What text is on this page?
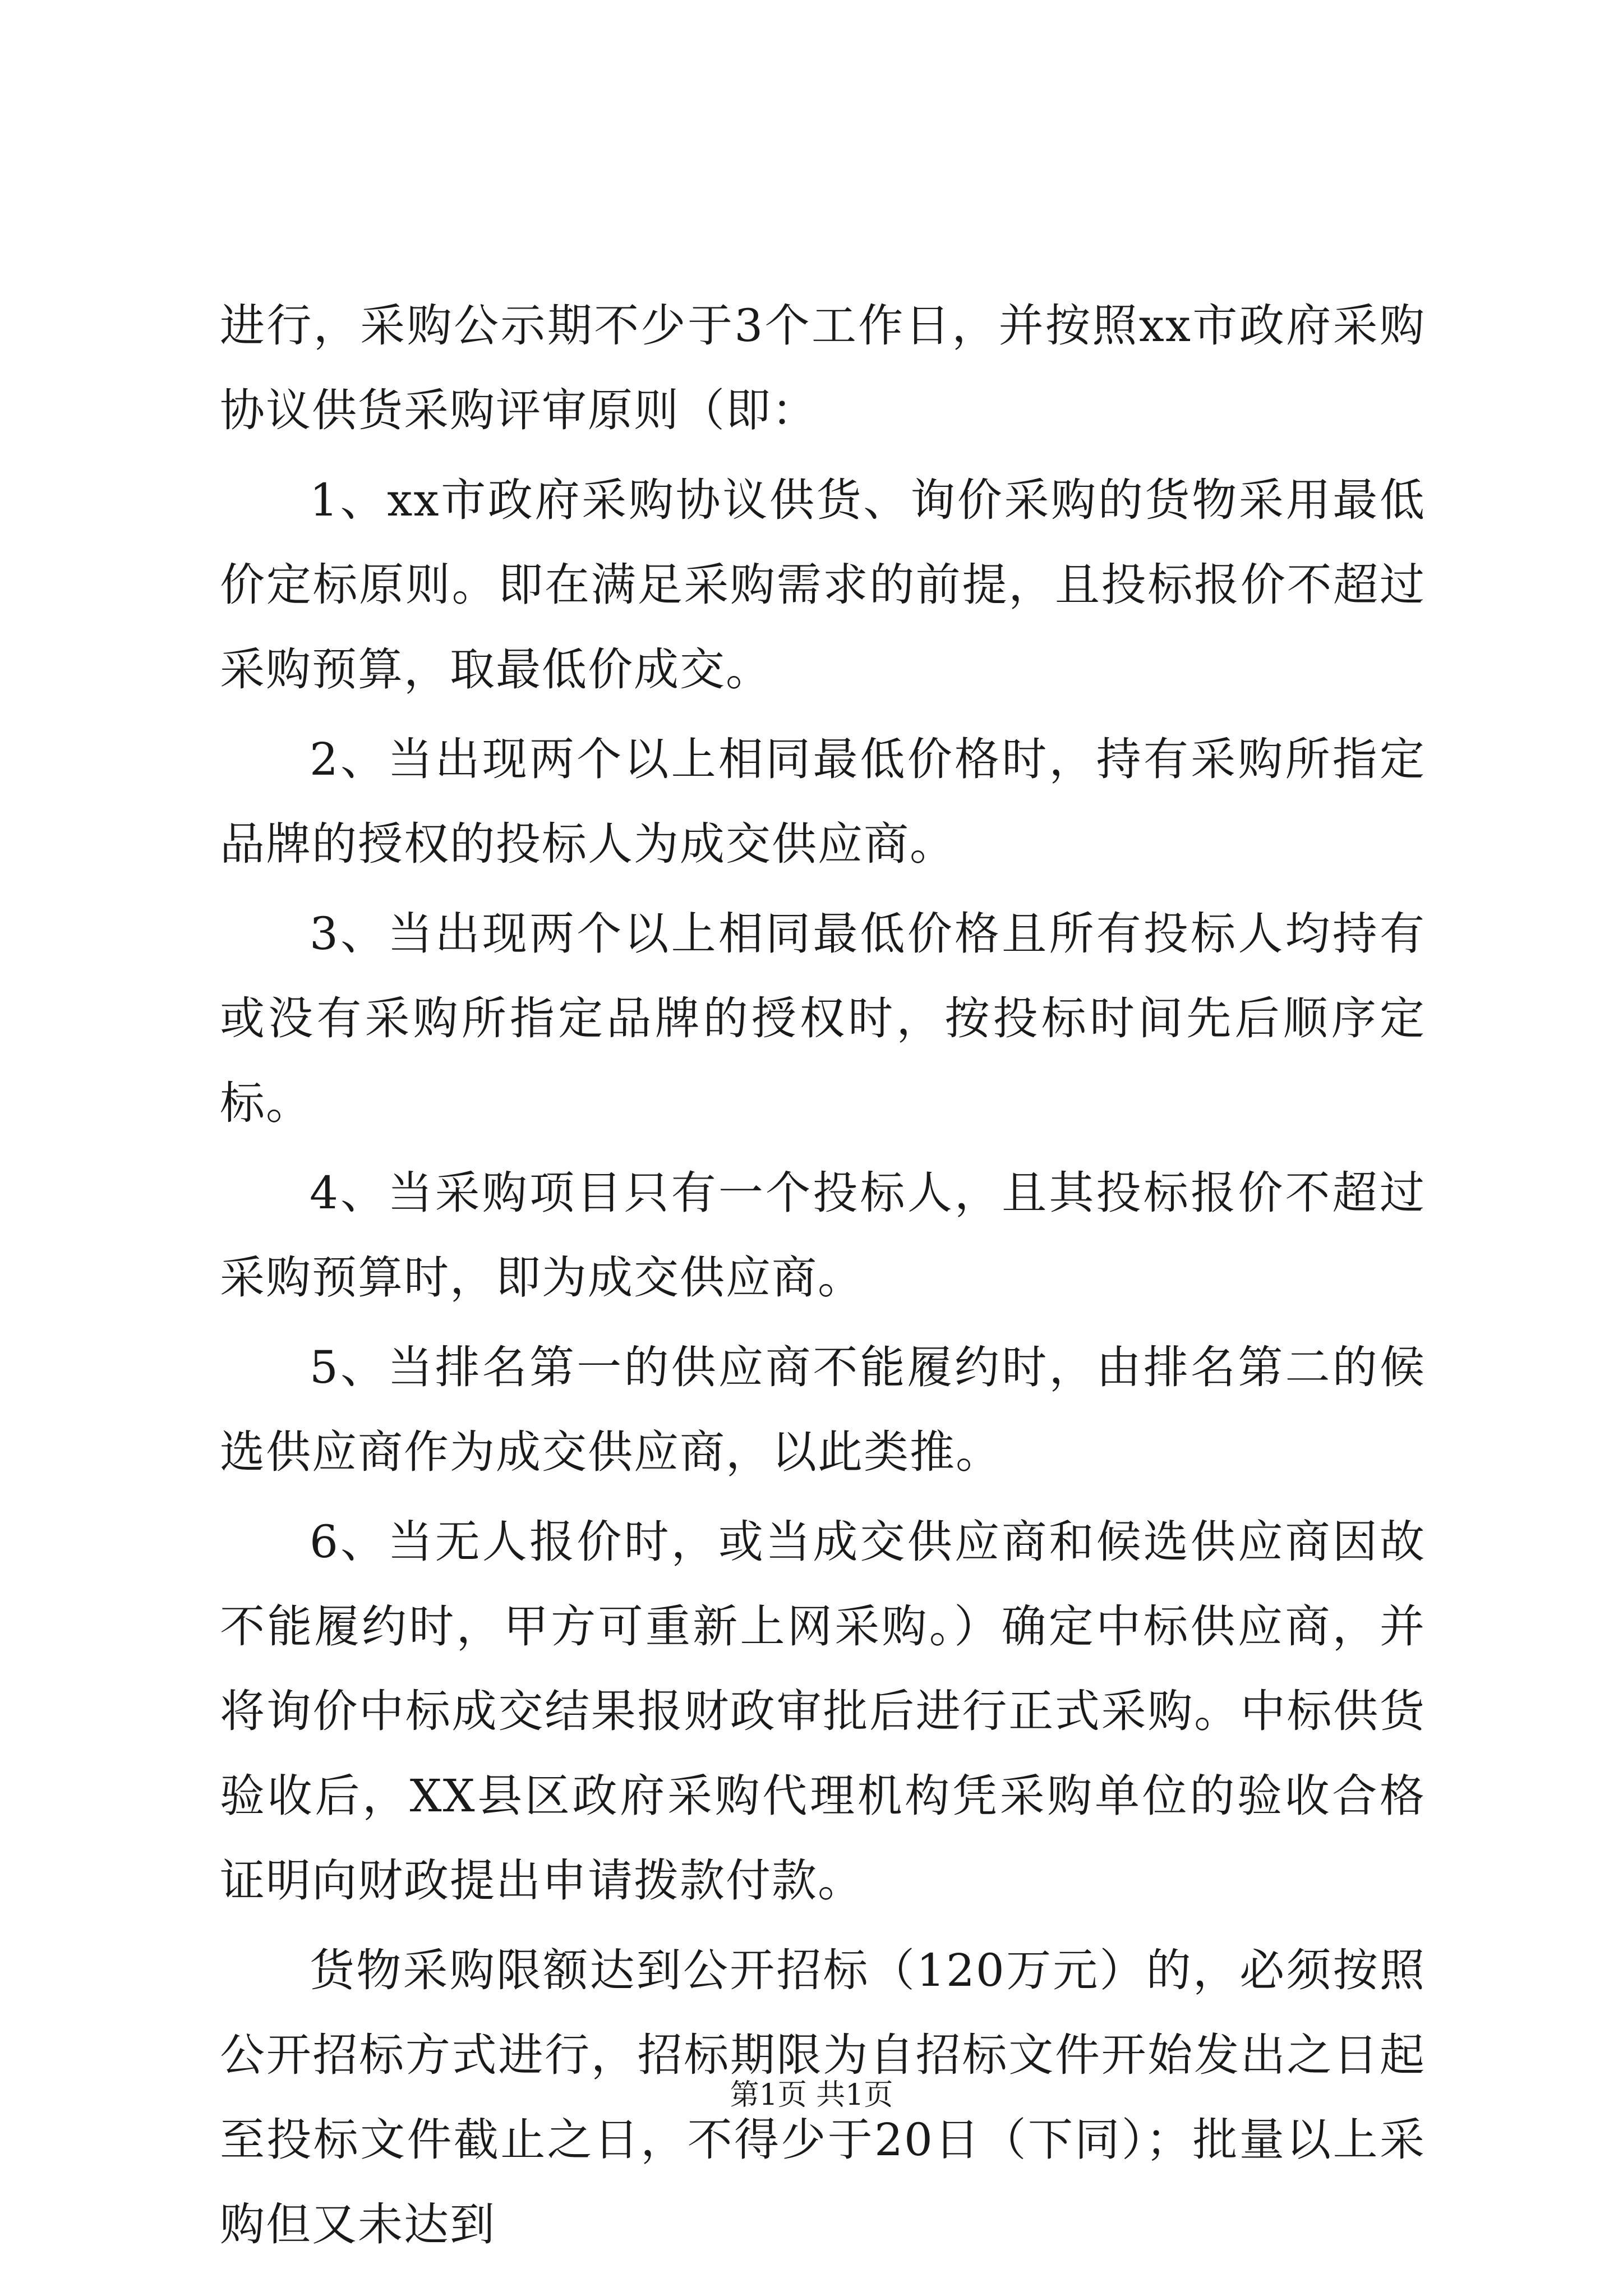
进行，采购公示期不少于3个工作日，并按照xx市政府采购协议供货采购评审原则（即：

1、xx市政府采购协议供货、询价采购的货物采用最低价定标原则。即在满足采购需求的前提，且投标报价不超过采购预算，取最低价成交。

2、当出现两个以上相同最低价格时，持有采购所指定品牌的授权的投标人为成交供应商。

3、当出现两个以上相同最低价格且所有投标人均持有或没有采购所指定品牌的授权时，按投标时间先后顺序定标。

4、当采购项目只有一个投标人，且其投标报价不超过采购预算时，即为成交供应商。

5、当排名第一的供应商不能履约时，由排名第二的候选供应商作为成交供应商，以此类推。

6、当无人报价时，或当成交供应商和候选供应商因故不能履约时，甲方可重新上网采购。）确定中标供应商，并将询价中标成交结果报财政审批后进行正式采购。中标供货验收后，XX县区政府采购代理机构凭采购单位的验收合格证明向财政提出申请拨款付款。

货物采购限额达到公开招标（120万元）的，必须按照公开招标方式进行，招标期限为自招标文件开始发出之日起至投标文件截止之日，不得少于20日（下同）；批量以上采购但又未达到

第1页 共1页
